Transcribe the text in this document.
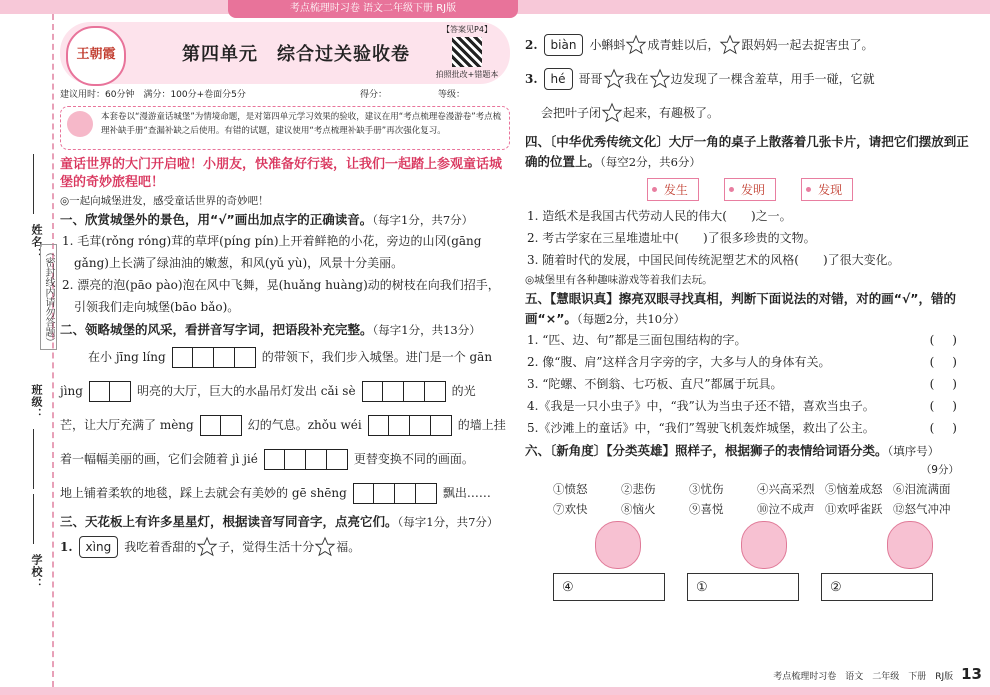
考点梳理时习卷 语文二年级下册 RJ版
姓名：
（密封线内请勿答题）
班级：
学校：
王朝霞	第四单元　综合过关验收卷
【答案见P4】
拍照批改+错题本
建议用时：60分钟　满分：100分+卷面分5分	得分：	等级：
本套卷以“漫游童话城堡”为情境命题，是对第四单元学习效果的验收，建议在用“考点梳理卷漫游卷”考点梳理补缺手册“查漏补缺之后使用。有错的试题，建议使用“考点梳理补缺手册”再次强化复习。
童话世界的大门开启啦！小朋友，快准备好行装，让我们一起踏上参观童话城堡的奇妙旅程吧！

◎一起向城堡进发，感受童话世界的奇妙吧！

一、欣赏城堡外的景色，用“√”画出加点字的正确读音。（每字1分，共7分）

1. 毛茸(rǒng róng)茸的草坪(píng pín)上开着鲜艳的小花，旁边的山冈(gāng gǎng)上长满了绿油油的嫩葱，和风(yǔ yù)，风景十分美丽。

2. 漂亮的泡(pāo pào)泡在风中飞舞，晃(huǎng huàng)动的树枝在向我们招手，引领我们走向城堡(bāo bǎo)。

二、领略城堡的风采，看拼音写字词，把语段补充完整。（每字1分，共13分）

在小 jīng líng	的带领下，我们步入城堡。进门是一个 gān
jìng	明亮的大厅，巨大的水晶吊灯发出 cǎi sè	的光
芒，让大厅充满了 mèng	幻的气息。zhǒu wéi	的墙上挂
着一幅幅美丽的画，它们会随着 jì jié	更替变换不同的画面。
地上铺着柔软的地毯，踩上去就会有美妙的 gē shēng	飘出……

三、天花板上有许多星星灯，根据读音写同音字，点亮它们。（每字1分，共7分）

1.	xìng	我吃着香甜的 子，觉得生活十分 福。
2.	biàn	小蝌蚪 成青蛙以后， 跟妈妈一起去捉害虫了。
3.	hé	哥哥 我在 边发现了一棵含羞草，用手一碰，它就
会把叶子闭 起来，有趣极了。

四、〔中华优秀传统文化〕大厅一角的桌子上散落着几张卡片，请把它们摆放到正确的位置上。（每空2分，共6分）

发生	发明	发现

1. 造纸术是我国古代劳动人民的伟大(　　)之一。

2. 考古学家在三星堆遗址中(　　)了很多珍贵的文物。

3. 随着时代的发展，中国民间传统泥塑艺术的风格(　　)了很大变化。

◎城堡里有各种趣味游戏等着我们去玩。

五、【慧眼识真】擦亮双眼寻找真相，判断下面说法的对错，对的画“√”，错的画“×”。（每题2分，共10分）

1. “匹、边、句”都是三面包围结构的字。	()

2. 像“腹、肩”这样含月字旁的字，大多与人的身体有关。	()

3. “陀螺、不倒翁、七巧板、直尺”都属于玩具。	()

4.《我是一只小虫子》中，“我”认为当虫子还不错，喜欢当虫子。	()

5.《沙滩上的童话》中，“我们”驾驶飞机轰炸城堡，救出了公主。	()

六、〔新角度〕【分类英雄】照样子，根据狮子的表情给词语分类。（填序号）

（9分）

①愤怒	②悲伤	③忧伤	④兴高采烈 ⑤恼羞成怒 ⑥泪流满面
⑦欢快	⑧恼火	⑨喜悦	⑩泣不成声 ⑪欢呼雀跃 ⑫怒气冲冲
④	①	②
考点梳理时习卷　语文　二年级　下册　RJ版 13
